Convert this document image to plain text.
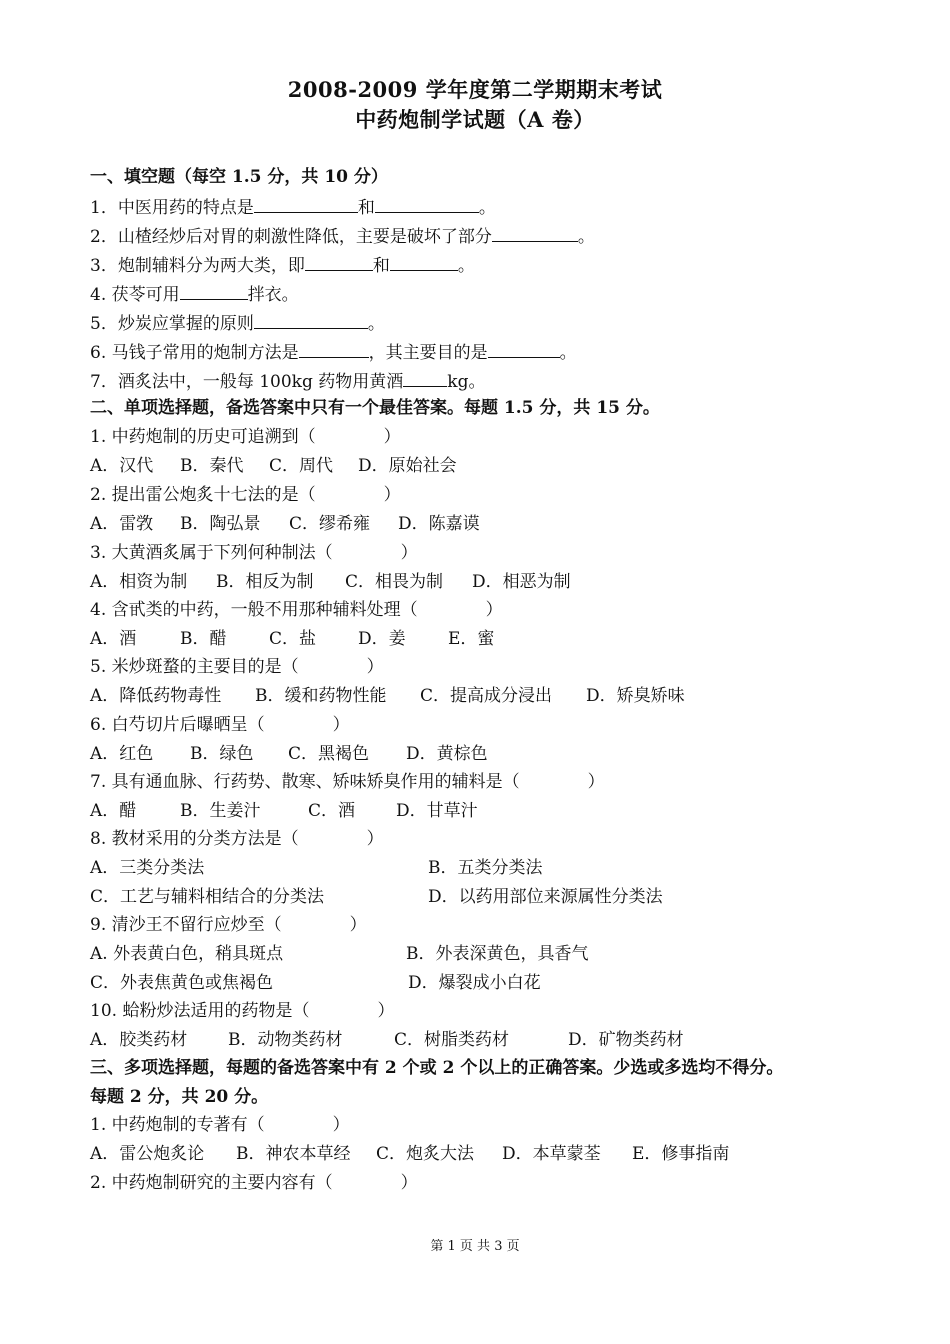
2008-2009 学年度第二学期期末考试
中药炮制学试题（A 卷）
一、填空题（每空 1.5 分，共 10 分）
1．中医用药的特点是	和	。
2．山楂经炒后对胃的刺激性降低，主要是破坏了部分	。
3．炮制辅料分为两大类，即	和	。
4. 茯苓可用	拌衣。
5．炒炭应掌握的原则	。
6. 马钱子常用的炮制方法是	，其主要目的是	。
7．酒炙法中，一般每 100kg 药物用黄酒	kg。
二、单项选择题，备选答案中只有一个最佳答案。每题 1.5 分，共 15 分。
1. 中药炮制的历史可追溯到（　　　　）
A．汉代 B．秦代 C．周代 D．原始社会
2. 提出雷公炮炙十七法的是（　　　　）
A．雷敩 B．陶弘景 C．缪希雍 D．陈嘉谟
3. 大黄酒炙属于下列何种制法（　　　　）
A．相资为制 B．相反为制 C．相畏为制 D．相恶为制
4. 含甙类的中药，一般不用那种辅料处理（　　　　）
A．酒	B．醋	C．盐 D．姜 E．蜜
5. 米炒斑蝥的主要目的是（　　　　）
A．降低药物毒性 B．缓和药物性能 C．提高成分浸出 D．矫臭矫味
6. 白芍切片后曝晒呈（　　　　）
A．红色 B．绿色 C．黑褐色 D．黄棕色
7. 具有通血脉、行药势、散寒、矫味矫臭作用的辅料是（　　　　）
A．醋	B．生姜汁	C．酒 D．甘草汁
8. 教材采用的分类方法是（　　　　）
A．三类分类法	B．五类分类法
C．工艺与辅料相结合的分类法	D．以药用部位来源属性分类法
9. 清沙王不留行应炒至（　　　　）
A. 外表黄白色，稍具斑点	B．外表深黄色，具香气
C．外表焦黄色或焦褐色	D．爆裂成小白花
10. 蛤粉炒法适用的药物是（　　　　）
A．胶类药材 B．动物类药材	C．树脂类药材	D．矿物类药材
三、多项选择题，每题的备选答案中有 2 个或 2 个以上的正确答案。少选或多选均不得分。
每题 2 分，共 20 分。
1. 中药炮制的专著有（　　　　）
A．雷公炮炙论 B．神农本草经 C．炮炙大法 D．本草蒙荃 E．修事指南
2. 中药炮制研究的主要内容有（　　　　）
第 1 页 共 3 页
